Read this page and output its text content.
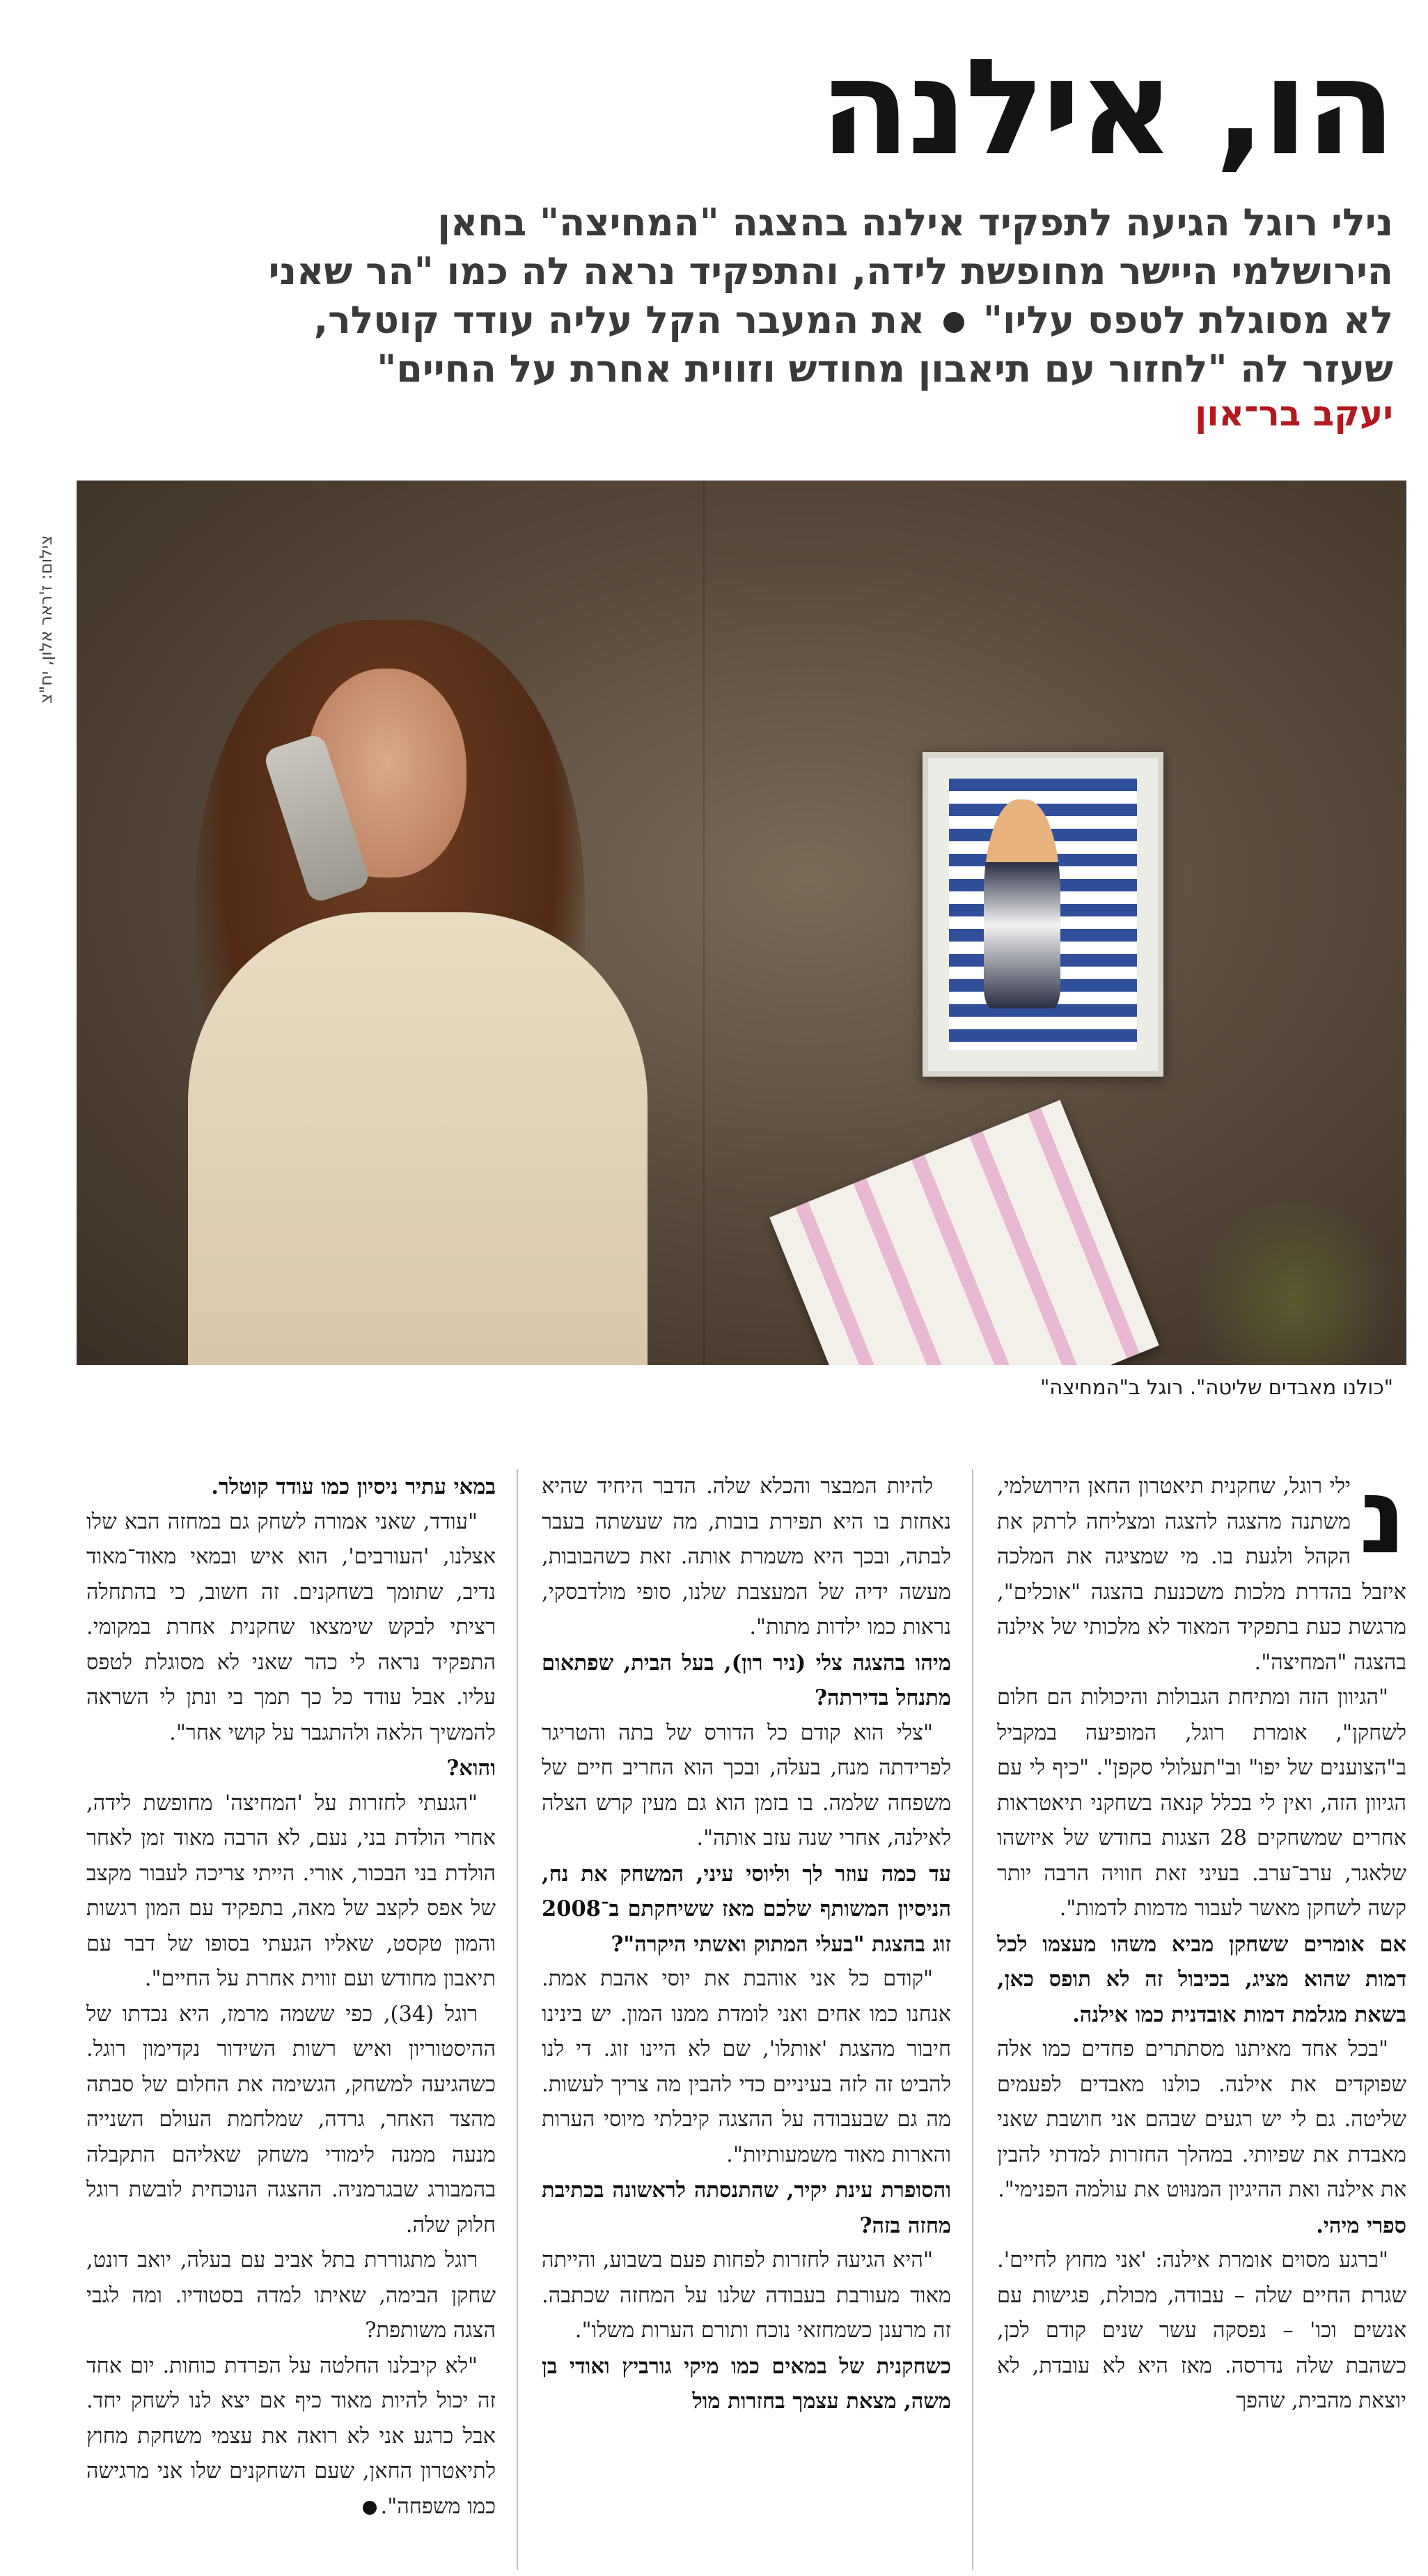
הו, אילנה
נילי רוגל הגיעה לתפקיד אילנה בהצגה "המחיצה" בחאן הירושלמי היישר מחופשת לידה, והתפקיד נראה לה כמו "הר שאני לא מסוגלת לטפס עליו"  את המעבר הקל עליה עודד קוטלר, שעזר לה "לחזור עם תיאבון מחודש וזווית אחרת על החיים"
יעקב בר־און
צילום: ז'ראר אלון, יח"צ
"כולנו מאבדים שליטה". רוגל ב"המחיצה"
נ

ילי רוגל, שחקנית תיאטרון החאן הירושלמי, משתנה מהצגה להצגה ומצליחה לרתק את הקהל ולגעת בו. מי שמציגה את המלכה איזבל בהדרת מלכות משכנעת בהצגה "אוכלים", מרגשת כעת בתפקיד המאוד לא מלכותי של אילנה בהצגה "המחיצה".

"הגיוון הזה ומתיחת הגבולות והיכולות הם חלום לשחקן", אומרת רוגל, המופיעה במקביל ב"הצוענים של יפו" וב"תעלולי סקפן". "כיף לי עם הגיוון הזה, ואין לי בכלל קנאה בשחקני תיאטראות אחרים שמשחקים 28 הצגות בחודש של איזשהו שלאגר, ערב־ערב. בעיני זאת חוויה הרבה יותר קשה לשחקן מאשר לעבור מדמות לדמות".

אם אומרים ששחקן מביא משהו מעצמו לכל דמות שהוא מציג, בכיבול זה לא תופס כאן, בשאת מגלמת דמות אובדנית כמו אילנה.

"בכל אחד מאיתנו מסתתרים פחדים כמו אלה שפוקדים את אילנה. כולנו מאבדים לפעמים שליטה. גם לי יש רגעים שבהם אני חושבת שאני מאבדת את שפיותי. במהלך החזרות למדתי להבין את אילנה ואת ההיגיון המנוּוט את עולמה הפנימי".

ספרי מיהי.

"ברגע מסוים אומרת אילנה: 'אני מחוץ לחיים'. שגרת החיים שלה – עבודה, מכולת, פגישות עם אנשים וכו' – נפסקה עשר שנים קודם לכן, כשהבת שלה נדרסה. מאז היא לא עובדת, לא יוצאת מהבית, שהפך

להיות המבצר והכלא שלה. הדבר היחיד שהיא נאחזת בו היא תפירת בובות, מה שעשתה בעבר לבתה, ובכך היא משמרת אותה. זאת כשהבובות, מעשה ידיה של המעצבת שלנו, סופי מולדבסקי, נראות כמו ילדות מתות".

מיהו בהצגה צלי (ניר רון), בעל הבית, שפתאום מתנחל בדירתה?

"צלי הוא קודם כל הדורס של בתה והטריגר לפרידתה מנח, בעלה, ובכך הוא החריב חיים של משפחה שלמה. בו בזמן הוא גם מעין קרש הצלה לאילנה, אחרי שנה עזב אותה".

עד כמה עוזר לך וליוסי עיני, המשחק את נח, הניסיון המשותף שלכם מאז ששיחקתם ב־2008 זוג בהצגת "בעלי המתוק ואשתי היקרה"?

"קודם כל אני אוהבת את יוסי אהבת אמת. אנחנו כמו אחים ואני לומדת ממנו המון. יש בינינו חיבור מהצגת 'אותלו', שם לא היינו זוג. די לנו להביט זה לזה בעיניים כדי להבין מה צריך לעשות. מה גם שבעבודה על ההצגה קיבלתי מיוסי הערות והארות מאוד משמעותיות".

והסופרת עינת יקיר, שהתנסתה לראשונה בכתיבת מחזה בזה?

"היא הגיעה לחזרות לפחות פעם בשבוע, והייתה מאוד מעורבת בעבודה שלנו על המחזה שכתבה. זה מרענן כשמחזאי נוכח ותורם הערות משלו".

כשחקנית של במאים כמו מיקי גורביץ ואודי בן משה, מצאת עצמך בחזרות מול

במאי עתיר ניסיון כמו עודד קוטלר.

"עודד, שאני אמורה לשחק גם במחזה הבא שלו אצלנו, 'העורבים', הוא איש ובמאי מאוד־מאוד נדיב, שתומך בשחקנים. זה חשוב, כי בהתחלה רציתי לבקש שימצאו שחקנית אחרת במקומי. התפקיד נראה לי כהר שאני לא מסוגלת לטפס עליו. אבל עודד כל כך תמך בי ונתן לי השראה להמשיך הלאה ולהתגבר על קושי אחר".

והוא?

"הגעתי לחזרות על 'המחיצה' מחופשת לידה, אחרי הולדת בני, נעם, לא הרבה מאוד זמן לאחר הולדת בני הבכור, אורי. הייתי צריכה לעבור מקצב של אפס לקצב של מאה, בתפקיד עם המון רגשות והמון טקסט, שאליו הגעתי בסופו של דבר עם תיאבון מחודש ועם זווית אחרת על החיים".

רוגל (34), כפי ששמה מרמז, היא נכדתו של ההיסטוריון ואיש רשות השידור נקדימון רוגל. כשהגיעה למשחק, הגשימה את החלום של סבתה מהצד האחר, גרדה, שמלחמת העולם השנייה מנעה ממנה לימודי משחק שאליהם התקבלה בהמבורג שבגרמניה. ההצגה הנוכחית לובשת רוגל חלוק שלה.

רוגל מתגוררת בתל אביב עם בעלה, יואב דונט, שחקן הבימה, שאיתו למדה בסטודיו. ומה לגבי הצגה משותפת?

"לא קיבלנו החלטה על הפרדת כוחות. יום אחד זה יכול להיות מאוד כיף אם יצא לנו לשחק יחד. אבל כרגע אני לא רואה את עצמי משחקת מחוץ לתיאטרון החאן, שעם השחקנים שלו אני מרגישה כמו משפחה".
